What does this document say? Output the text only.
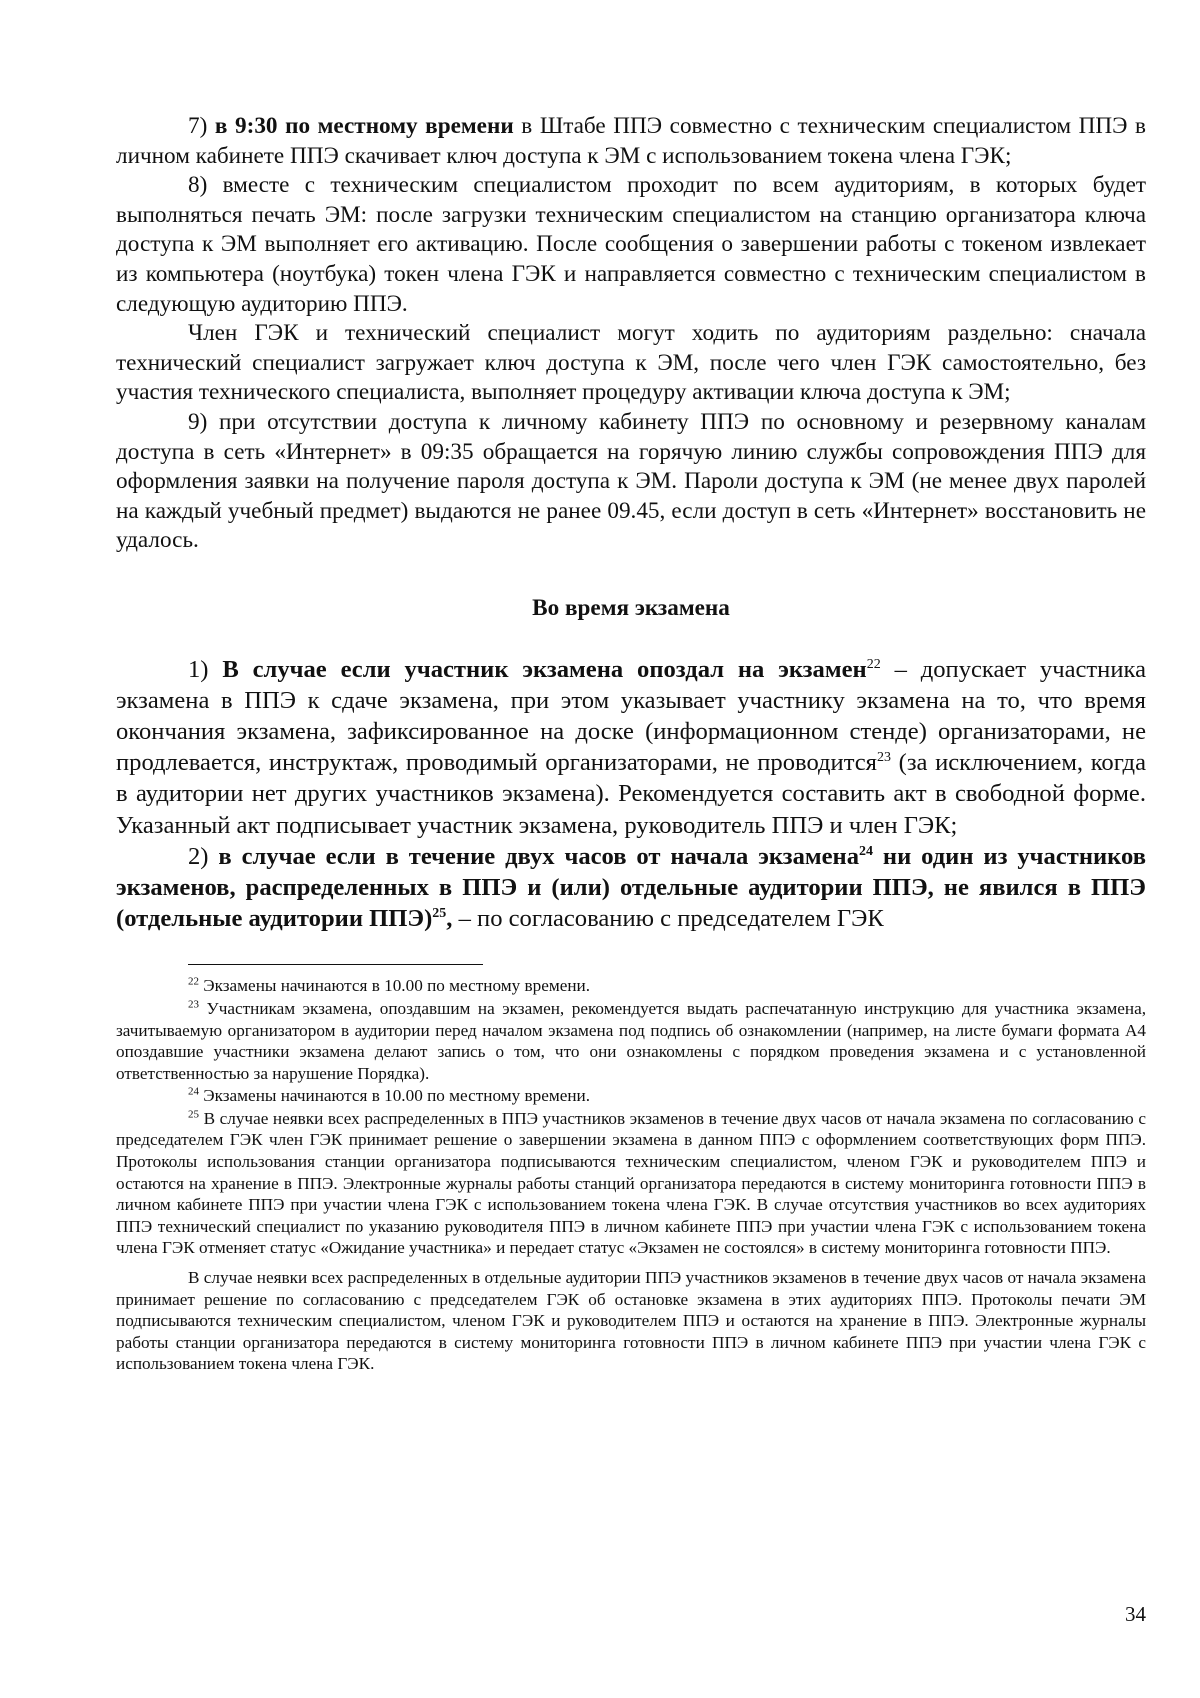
7) в 9:30 по местному времени в Штабе ППЭ совместно с техническим специалистом ППЭ в личном кабинете ППЭ скачивает ключ доступа к ЭМ с использованием токена члена ГЭК;

8) вместе с техническим специалистом проходит по всем аудиториям, в которых будет выполняться печать ЭМ: после загрузки техническим специалистом на станцию организатора ключа доступа к ЭМ выполняет его активацию. После сообщения о завершении работы с токеном извлекает из компьютера (ноутбука) токен члена ГЭК и направляется совместно с техническим специалистом в следующую аудиторию ППЭ.

Член ГЭК и технический специалист могут ходить по аудиториям раздельно: сначала технический специалист загружает ключ доступа к ЭМ, после чего член ГЭК самостоятельно, без участия технического специалиста, выполняет процедуру активации ключа доступа к ЭМ;

9) при отсутствии доступа к личному кабинету ППЭ по основному и резервному каналам доступа в сеть «Интернет» в 09:35 обращается на горячую линию службы сопровождения ППЭ для оформления заявки на получение пароля доступа к ЭМ. Пароли доступа к ЭМ (не менее двух паролей на каждый учебный предмет) выдаются не ранее 09.45, если доступ в сеть «Интернет» восстановить не удалось.

Во время экзамена

1) В случае если участник экзамена опоздал на экзамен$^{22}$ – допускает участника экзамена в ППЭ к сдаче экзамена, при этом указывает участнику экзамена на то, что время окончания экзамена, зафиксированное на доске (информационном стенде) организаторами, не продлевается, инструктаж, проводимый организаторами, не проводится$^{23}$ (за исключением, когда в аудитории нет других участников экзамена). Рекомендуется составить акт в свободной форме. Указанный акт подписывает участник экзамена, руководитель ППЭ и член ГЭК;

2) в случае если в течение двух часов от начала экзамена$^{24}$ ни один из участников экзаменов, распределенных в ППЭ и (или) отдельные аудитории ППЭ, не явился в ППЭ (отдельные аудитории ППЭ)$^{25}$, – по согласованию с председателем ГЭК

$^{22}$ Экзамены начинаются в 10.00 по местному времени.

$^{23}$ Участникам экзамена, опоздавшим на экзамен, рекомендуется выдать распечатанную инструкцию для участника экзамена, зачитываемую организатором в аудитории перед началом экзамена под подпись об ознакомлении (например, на листе бумаги формата А4 опоздавшие участники экзамена делают запись о том, что они ознакомлены с порядком проведения экзамена и с установленной ответственностью за нарушение Порядка).

$^{24}$ Экзамены начинаются в 10.00 по местному времени.

$^{25}$ В случае неявки всех распределенных в ППЭ участников экзаменов в течение двух часов от начала экзамена по согласованию с председателем ГЭК член ГЭК принимает решение о завершении экзамена в данном ППЭ с оформлением соответствующих форм ППЭ. Протоколы использования станции организатора подписываются техническим специалистом, членом ГЭК и руководителем ППЭ и остаются на хранение в ППЭ. Электронные журналы работы станций организатора передаются в систему мониторинга готовности ППЭ в личном кабинете ППЭ при участии члена ГЭК с использованием токена члена ГЭК. В случае отсутствия участников во всех аудиториях ППЭ технический специалист по указанию руководителя ППЭ в личном кабинете ППЭ при участии члена ГЭК с использованием токена члена ГЭК отменяет статус «Ожидание участника» и передает статус «Экзамен не состоялся» в систему мониторинга готовности ППЭ.

В случае неявки всех распределенных в отдельные аудитории ППЭ участников экзаменов в течение двух часов от начала экзамена принимает решение по согласованию с председателем ГЭК об остановке экзамена в этих аудиториях ППЭ. Протоколы печати ЭМ подписываются техническим специалистом, членом ГЭК и руководителем ППЭ и остаются на хранение в ППЭ. Электронные журналы работы станции организатора передаются в систему мониторинга готовности ППЭ в личном кабинете ППЭ при участии члена ГЭК с использованием токена члена ГЭК.

34
